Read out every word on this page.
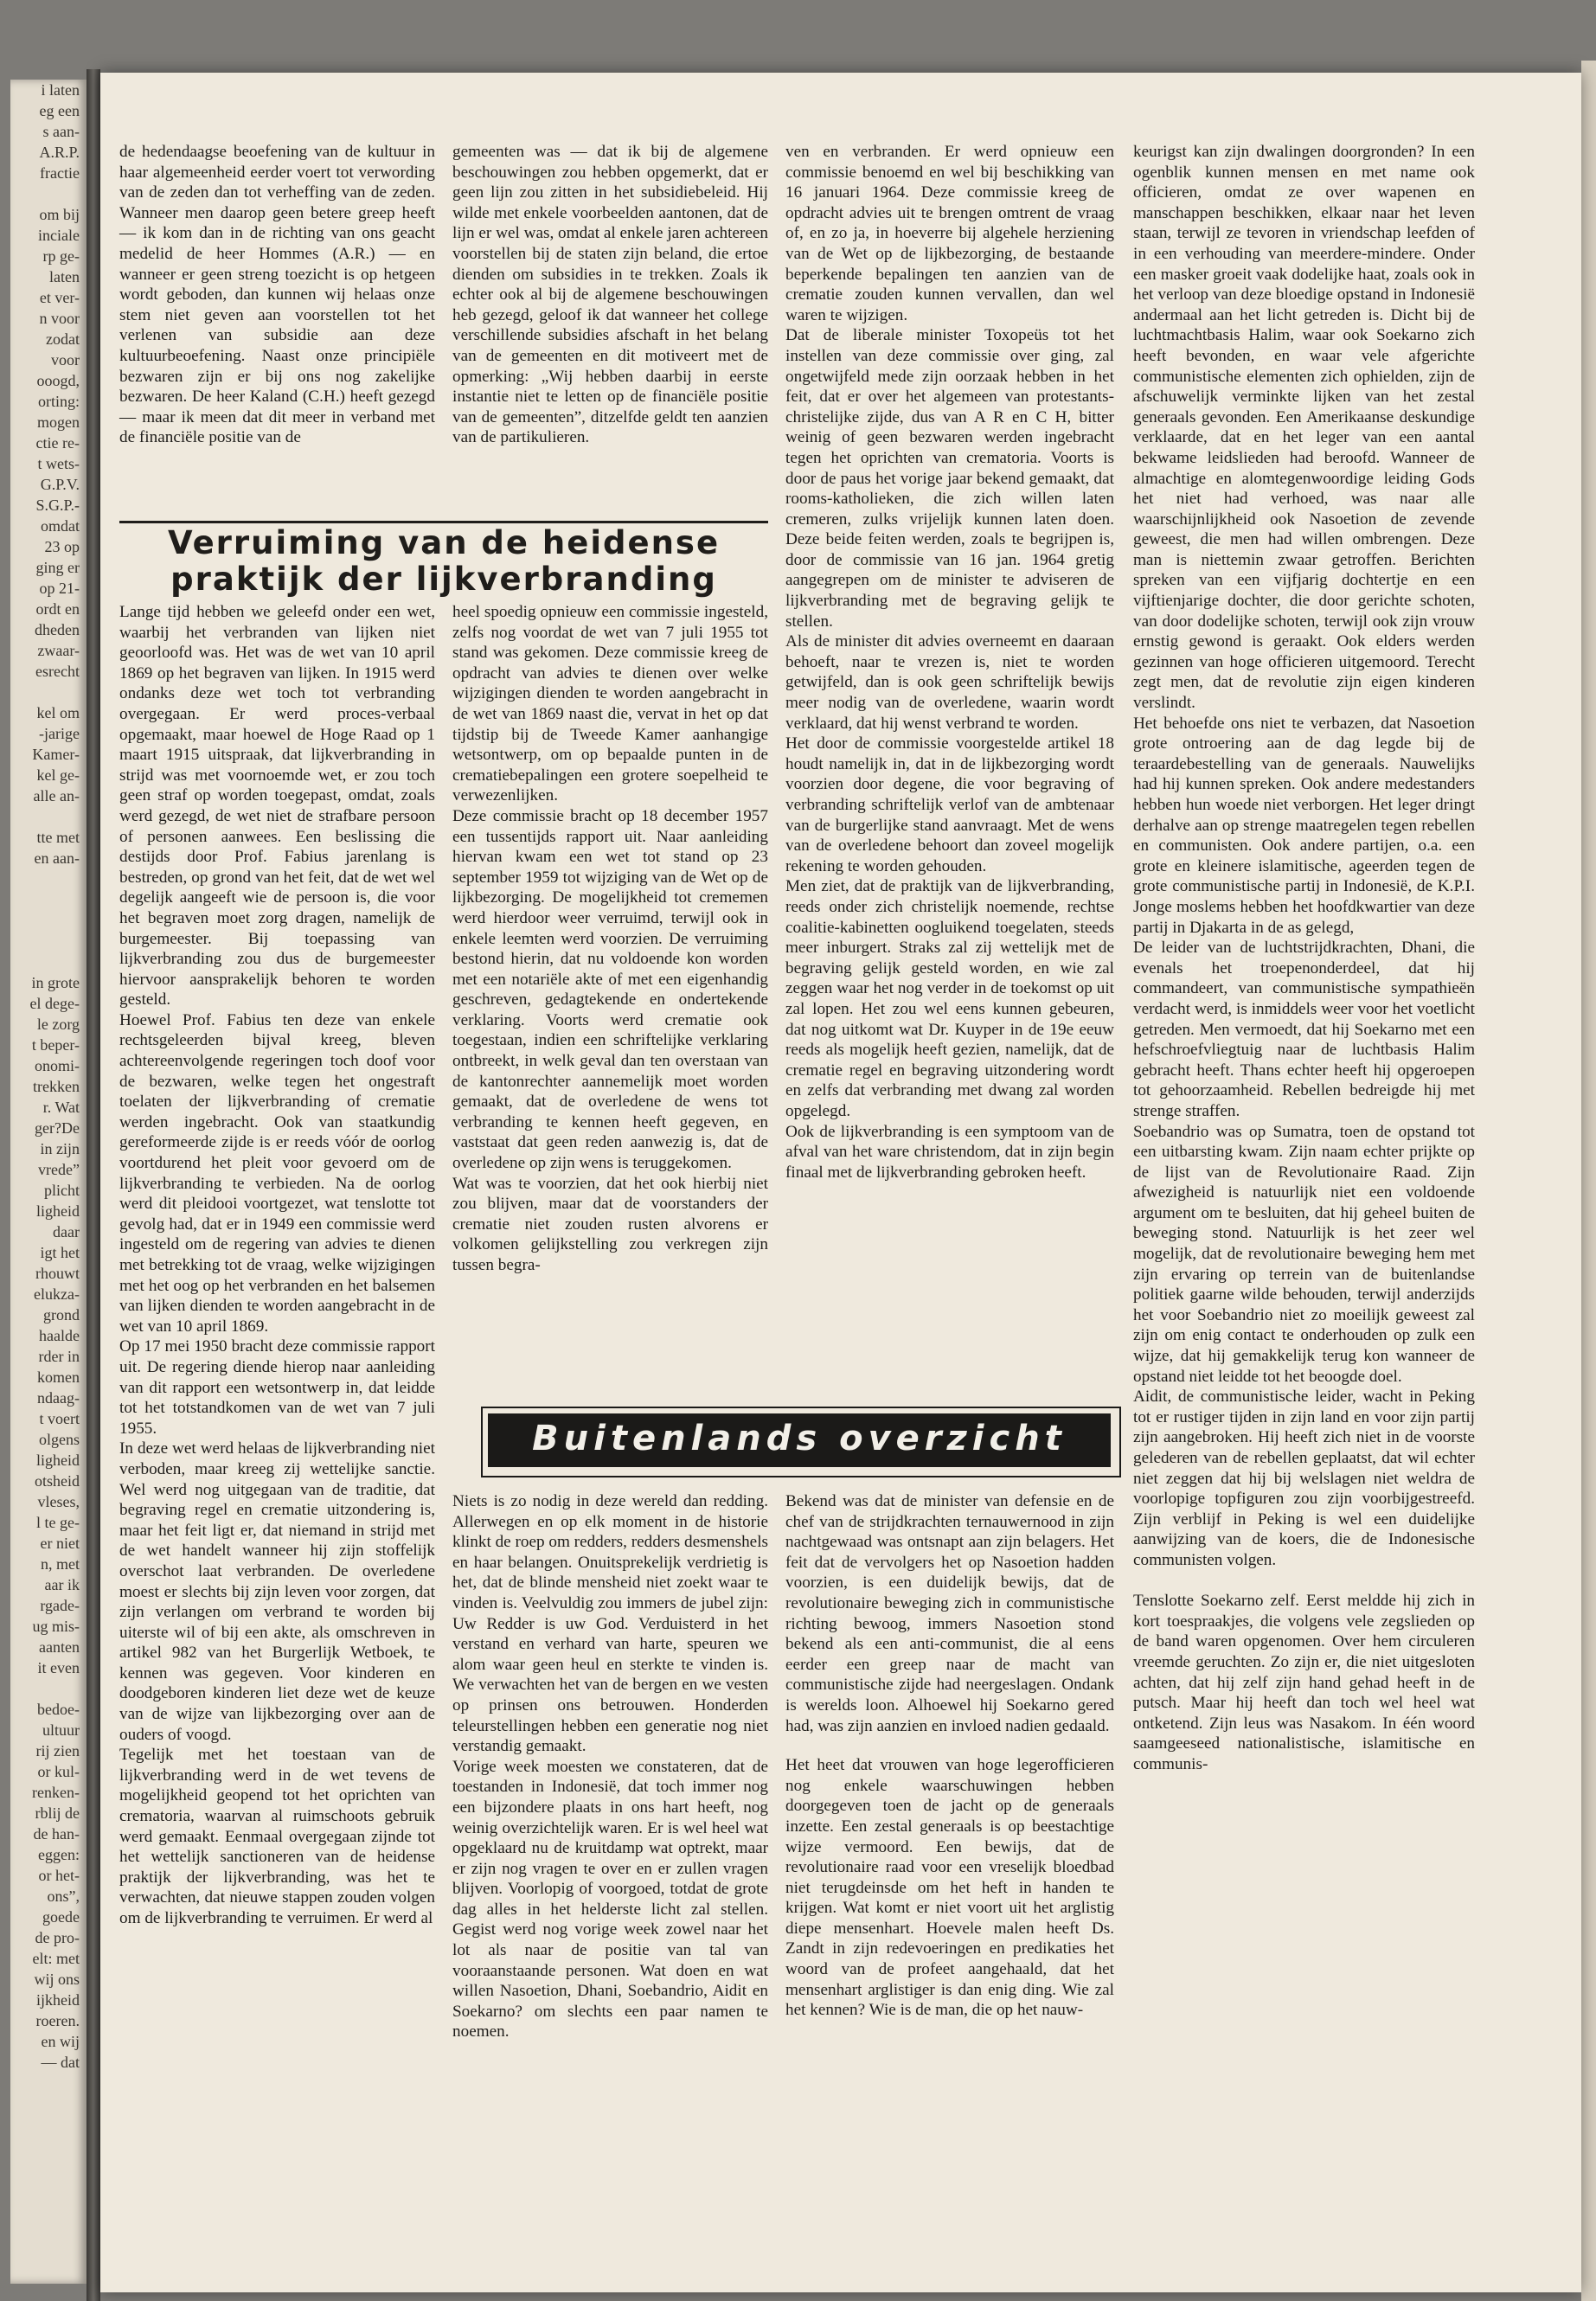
i laten

eg een

s aan-

A.R.P.

fractie

om bij

inciale

rp ge-

laten

et ver-

n voor

zodat

voor

ooogd,

orting:

mogen

ctie re-

t wets-

G.P.V.

S.G.P.-

omdat

23 op

ging er

op 21-

ordt en

dheden

zwaar-

esrecht

kel om

-jarige

Kamer-

kel ge-

alle an-

tte met

en aan-

in grote

el dege-

le zorg

t beper-

onomi-

trekken

r. Wat

ger?De

in zijn

vrede”

plicht

ligheid

daar

igt het

rhouwt

elukza-

grond

haalde

rder in

komen

ndaag-

t voert

olgens

ligheid

otsheid

vleses,

l te ge-

er niet

n, met

aar ik

rgade-

ug mis-

aanten

it even

bedoe-

ultuur

rij zien

or kul-

renken-

rblij de

de han-

eggen:

or het-

ons”,

goede

de pro-

elt: met

wij ons

ijkheid

roeren.

en wij

— dat

de hedendaagse beoefening van de kultuur in haar algemeenheid eerder voert tot verwording van de zeden dan tot verheffing van de zeden. Wanneer men daarop geen betere greep heeft — ik kom dan in de richting van ons geacht medelid de heer Hommes (A.R.) — en wanneer er geen streng toezicht is op hetgeen wordt geboden, dan kunnen wij helaas onze stem niet geven aan voorstellen tot het verlenen van subsidie aan deze kultuurbeoefening. Naast onze principiële bezwaren zijn er bij ons nog zakelijke bezwaren. De heer Kaland (C.H.) heeft gezegd — maar ik meen dat dit meer in verband met de financiële positie van de

gemeenten was — dat ik bij de algemene beschouwingen zou hebben opgemerkt, dat er geen lijn zou zitten in het subsidiebeleid. Hij wilde met enkele voorbeelden aantonen, dat de lijn er wel was, omdat al enkele jaren achtereen voorstellen bij de staten zijn beland, die ertoe dienden om subsidies in te trekken. Zoals ik echter ook al bij de algemene beschouwingen heb gezegd, geloof ik dat wanneer het college verschillende subsidies afschaft in het belang van de gemeenten en dit motiveert met de opmerking: „Wij hebben daarbij in eerste instantie niet te letten op de financiële positie van de gemeenten”, ditzelfde geldt ten aanzien van de partikulieren.

Verruiming van de heidense
praktijk der lijkverbranding

Lange tijd hebben we geleefd onder een wet, waarbij het verbranden van lijken niet geoorloofd was. Het was de wet van 10 april 1869 op het begraven van lijken. In 1915 werd ondanks deze wet toch tot verbranding overgegaan. Er werd proces-verbaal opgemaakt, maar hoewel de Hoge Raad op 1 maart 1915 uitspraak, dat lijkverbranding in strijd was met voornoemde wet, er zou toch geen straf op worden toegepast, omdat, zoals werd gezegd, de wet niet de strafbare persoon of personen aanwees. Een beslissing die destijds door Prof. Fabius jarenlang is bestreden, op grond van het feit, dat de wet wel degelijk aangeeft wie de persoon is, die voor het begraven moet zorg dragen, namelijk de burgemeester. Bij toepassing van lijkverbranding zou dus de burgemeester hiervoor aansprakelijk behoren te worden gesteld.

Hoewel Prof. Fabius ten deze van enkele rechtsgeleerden bijval kreeg, bleven achtereenvolgende regeringen toch doof voor de bezwaren, welke tegen het ongestraft toelaten der lijkverbranding of crematie werden ingebracht. Ook van staatkundig gereformeerde zijde is er reeds vóór de oorlog voortdurend het pleit voor gevoerd om de lijkverbranding te verbieden. Na de oorlog werd dit pleidooi voortgezet, wat tenslotte tot gevolg had, dat er in 1949 een commissie werd ingesteld om de regering van advies te dienen met betrekking tot de vraag, welke wijzigingen met het oog op het verbranden en het balsemen van lijken dienden te worden aangebracht in de wet van 10 april 1869.

Op 17 mei 1950 bracht deze commissie rapport uit. De regering diende hierop naar aanleiding van dit rapport een wetsontwerp in, dat leidde tot het totstandkomen van de wet van 7 juli 1955.

In deze wet werd helaas de lijkverbranding niet verboden, maar kreeg zij wettelijke sanctie. Wel werd nog uitgegaan van de traditie, dat begraving regel en crematie uitzondering is, maar het feit ligt er, dat niemand in strijd met de wet handelt wanneer hij zijn stoffelijk overschot laat verbranden. De overledene moest er slechts bij zijn leven voor zorgen, dat zijn verlangen om verbrand te worden bij uiterste wil of bij een akte, als omschreven in artikel 982 van het Burgerlijk Wetboek, te kennen was gegeven. Voor kinderen en doodgeboren kinderen liet deze wet de keuze van de wijze van lijkbezorging over aan de ouders of voogd.

Tegelijk met het toestaan van de lijkverbranding werd in de wet tevens de mogelijkheid geopend tot het oprichten van crematoria, waarvan al ruimschoots gebruik werd gemaakt. Eenmaal overgegaan zijnde tot het wettelijk sanctioneren van de heidense praktijk der lijkverbranding, was het te verwachten, dat nieuwe stappen zouden volgen om de lijkverbranding te verruimen. Er werd al

heel spoedig opnieuw een commissie ingesteld, zelfs nog voordat de wet van 7 juli 1955 tot stand was gekomen. Deze commissie kreeg de opdracht van advies te dienen over welke wijzigingen dienden te worden aangebracht in de wet van 1869 naast die, vervat in het op dat tijdstip bij de Tweede Kamer aanhangige wetsontwerp, om op bepaalde punten in de crematiebepalingen een grotere soepelheid te verwezenlijken.

Deze commissie bracht op 18 december 1957 een tussentijds rapport uit. Naar aanleiding hiervan kwam een wet tot stand op 23 september 1959 tot wijziging van de Wet op de lijkbezorging. De mogelijkheid tot crememen werd hierdoor weer verruimd, terwijl ook in enkele leemten werd voorzien. De verruiming bestond hierin, dat nu voldoende kon worden met een notariële akte of met een eigenhandig geschreven, gedagtekende en ondertekende verklaring. Voorts werd crematie ook toegestaan, indien een schriftelijke verklaring ontbreekt, in welk geval dan ten overstaan van de kantonrechter aannemelijk moet worden gemaakt, dat de overledene de wens tot verbranding te kennen heeft gegeven, en vaststaat dat geen reden aanwezig is, dat de overledene op zijn wens is teruggekomen.

Wat was te voorzien, dat het ook hierbij niet zou blijven, maar dat de voorstanders der crematie niet zouden rusten alvorens er volkomen gelijkstelling zou verkregen zijn tussen begra-

ven en verbranden. Er werd opnieuw een commissie benoemd en wel bij beschikking van 16 januari 1964. Deze commissie kreeg de opdracht advies uit te brengen omtrent de vraag of, en zo ja, in hoeverre bij algehele herziening van de Wet op de lijkbezorging, de bestaande beperkende bepalingen ten aanzien van de crematie zouden kunnen vervallen, dan wel waren te wijzigen.

Dat de liberale minister Toxopeüs tot het instellen van deze commissie over ging, zal ongetwijfeld mede zijn oorzaak hebben in het feit, dat er over het algemeen van protestants-christelijke zijde, dus van A R en C H, bitter weinig of geen bezwaren werden ingebracht tegen het oprichten van crematoria. Voorts is door de paus het vorige jaar bekend gemaakt, dat rooms-katholieken, die zich willen laten cremeren, zulks vrijelijk kunnen laten doen. Deze beide feiten werden, zoals te begrijpen is, door de commissie van 16 jan. 1964 gretig aangegrepen om de minister te adviseren de lijkverbranding met de begraving gelijk te stellen.

Als de minister dit advies overneemt en daaraan behoeft, naar te vrezen is, niet te worden getwijfeld, dan is ook geen schriftelijk bewijs meer nodig van de overledene, waarin wordt verklaard, dat hij wenst verbrand te worden.

Het door de commissie voorgestelde artikel 18 houdt namelijk in, dat in de lijkbezorging wordt voorzien door degene, die voor begraving of verbranding schriftelijk verlof van de ambtenaar van de burgerlijke stand aanvraagt. Met de wens van de overledene behoort dan zoveel mogelijk rekening te worden gehouden.

Men ziet, dat de praktijk van de lijkverbranding, reeds onder zich christelijk noemende, rechtse coalitie-kabinetten oogluikend toegelaten, steeds meer inburgert. Straks zal zij wettelijk met de begraving gelijk gesteld worden, en wie zal zeggen waar het nog verder in de toekomst op uit zal lopen. Het zou wel eens kunnen gebeuren, dat nog uitkomt wat Dr. Kuyper in de 19e eeuw reeds als mogelijk heeft gezien, namelijk, dat de crematie regel en begraving uitzondering wordt en zelfs dat verbranding met dwang zal worden opgelegd.

Ook de lijkverbranding is een symptoom van de afval van het ware christendom, dat in zijn begin finaal met de lijkverbranding gebroken heeft.

Buitenlands overzicht

Niets is zo nodig in deze wereld dan redding. Allerwegen en op elk moment in de historie klinkt de roep om redders, redders desmenshels en haar belangen. Onuitsprekelijk verdrietig is het, dat de blinde mensheid niet zoekt waar te vinden is. Veelvuldig zou immers de jubel zijn: Uw Redder is uw God. Verduisterd in het verstand en verhard van harte, speuren we alom waar geen heul en sterkte te vinden is. We verwachten het van de bergen en we vesten op prinsen ons betrouwen. Honderden teleurstellingen hebben een generatie nog niet verstandig gemaakt.

Vorige week moesten we constateren, dat de toestanden in Indonesië, dat toch immer nog een bijzondere plaats in ons hart heeft, nog weinig overzichtelijk waren. Er is wel heel wat opgeklaard nu de kruitdamp wat optrekt, maar er zijn nog vragen te over en er zullen vragen blijven. Voorlopig of voorgoed, totdat de grote dag alles in het helderste licht zal stellen. Gegist werd nog vorige week zowel naar het lot als naar de positie van tal van vooraanstaande personen. Wat doen en wat willen Nasoetion, Dhani, Soebandrio, Aidit en Soekarno? om slechts een paar namen te noemen.

Bekend was dat de minister van defensie en de chef van de strijdkrachten ternauwernood in zijn nachtgewaad was ontsnapt aan zijn belagers. Het feit dat de vervolgers het op Nasoetion hadden voorzien, is een duidelijk bewijs, dat de revolutionaire beweging zich in communistische richting bewoog, immers Nasoetion stond bekend als een anti-communist, die al eens eerder een greep naar de macht van communistische zijde had neergeslagen. Ondank is werelds loon. Alhoewel hij Soekarno gered had, was zijn aanzien en invloed nadien gedaald.

Het heet dat vrouwen van hoge legerofficieren nog enkele waarschuwingen hebben doorgegeven toen de jacht op de generaals inzette. Een zestal generaals is op beestachtige wijze vermoord. Een bewijs, dat de revolutionaire raad voor een vreselijk bloedbad niet terugdeinsde om het heft in handen te krijgen. Wat komt er niet voort uit het arglistig diepe mensenhart. Hoevele malen heeft Ds. Zandt in zijn redevoeringen en predikaties het woord van de profeet aangehaald, dat het mensenhart arglistiger is dan enig ding. Wie zal het kennen? Wie is de man, die op het nauw-

keurigst kan zijn dwalingen doorgronden? In een ogenblik kunnen mensen en met name ook officieren, omdat ze over wapenen en manschappen beschikken, elkaar naar het leven staan, terwijl ze tevoren in vriendschap leefden of in een verhouding van meerdere-mindere. Onder een masker groeit vaak dodelijke haat, zoals ook in het verloop van deze bloedige opstand in Indonesië andermaal aan het licht getreden is. Dicht bij de luchtmachtbasis Halim, waar ook Soekarno zich heeft bevonden, en waar vele afgerichte communistische elementen zich ophielden, zijn de afschuwelijk verminkte lijken van het zestal generaals gevonden. Een Amerikaanse deskundige verklaarde, dat en het leger van een aantal bekwame leidslieden had beroofd. Wanneer de almachtige en alomtegenwoordige leiding Gods het niet had verhoed, was naar alle waarschijnlijkheid ook Nasoetion de zevende geweest, die men had willen ombrengen. Deze man is niettemin zwaar getroffen. Berichten spreken van een vijfjarig dochtertje en een vijftienjarige dochter, die door gerichte schoten, van door dodelijke schoten, terwijl ook zijn vrouw ernstig gewond is geraakt. Ook elders werden gezinnen van hoge officieren uitgemoord. Terecht zegt men, dat de revolutie zijn eigen kinderen verslindt.

Het behoefde ons niet te verbazen, dat Nasoetion grote ontroering aan de dag legde bij de teraardebestelling van de generaals. Nauwelijks had hij kunnen spreken. Ook andere medestanders hebben hun woede niet verborgen. Het leger dringt derhalve aan op strenge maatregelen tegen rebellen en communisten. Ook andere partijen, o.a. een grote en kleinere islamitische, ageerden tegen de grote communistische partij in Indonesië, de K.P.I. Jonge moslems hebben het hoofdkwartier van deze partij in Djakarta in de as gelegd,

De leider van de luchtstrijdkrachten, Dhani, die evenals het troepenonderdeel, dat hij commandeert, van communistische sympathieën verdacht werd, is inmiddels weer voor het voetlicht getreden. Men vermoedt, dat hij Soekarno met een hefschroefvliegtuig naar de luchtbasis Halim gebracht heeft. Thans echter heeft hij opgeroepen tot gehoorzaamheid. Rebellen bedreigde hij met strenge straffen.

Soebandrio was op Sumatra, toen de opstand tot een uitbarsting kwam. Zijn naam echter prijkte op de lijst van de Revolutionaire Raad. Zijn afwezigheid is natuurlijk niet een voldoende argument om te besluiten, dat hij geheel buiten de beweging stond. Natuurlijk is het zeer wel mogelijk, dat de revolutionaire beweging hem met zijn ervaring op terrein van de buitenlandse politiek gaarne wilde behouden, terwijl anderzijds het voor Soebandrio niet zo moeilijk geweest zal zijn om enig contact te onderhouden op zulk een wijze, dat hij gemakkelijk terug kon wanneer de opstand niet leidde tot het beoogde doel.

Aidit, de communistische leider, wacht in Peking tot er rustiger tijden in zijn land en voor zijn partij zijn aangebroken. Hij heeft zich niet in de voorste gelederen van de rebellen geplaatst, dat wil echter niet zeggen dat hij bij welslagen niet weldra de voorlopige topfiguren zou zijn voorbijgestreefd. Zijn verblijf in Peking is wel een duidelijke aanwijzing van de koers, die de Indonesische communisten volgen.

Tenslotte Soekarno zelf. Eerst meldde hij zich in kort toespraakjes, die volgens vele zegslieden op de band waren opgenomen. Over hem circuleren vreemde geruchten. Zo zijn er, die niet uitgesloten achten, dat hij zelf zijn hand gehad heeft in de putsch. Maar hij heeft dan toch wel heel wat ontketend. Zijn leus was Nasakom. In één woord saamgeeseed nationalistische, islamitische en communis-
